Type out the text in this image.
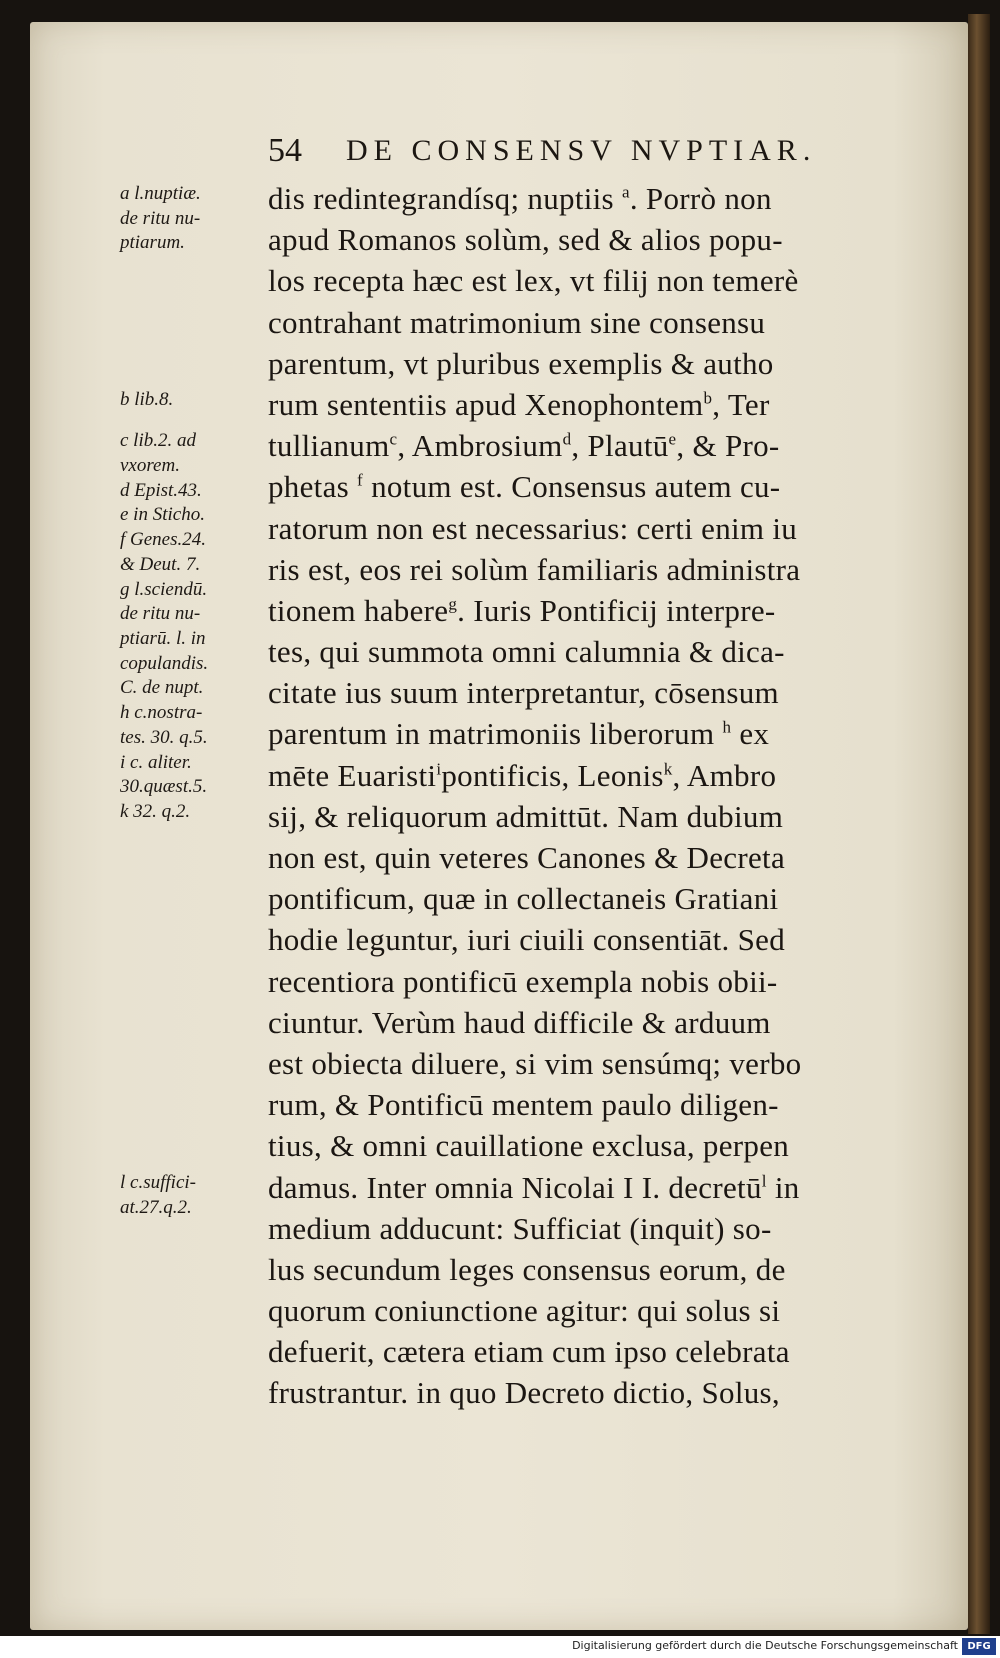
54 DE CONSENSV NVPTIAR.
dis redintegrandísq; nuptiis $^a$. Porrò non
apud Romanos solùm, sed & alios popu-
los recepta hæc est lex, vt filij non temerè
contrahant matrimonium sine consensu
parentum, vt pluribus exemplis & autho
rum sententiis apud Xenophontem$^b$, Ter
tullianum$^c$, Ambrosium$^d$, Plautū$^e$, & Pro-
phetas $^f$ notum est. Consensus autem cu-
ratorum non est necessarius: certi enim iu
ris est, eos rei solùm familiaris administra
tionem habere$^g$. Iuris Pontificij interpre-
tes, qui summota omni calumnia & dica-
citate ius suum interpretantur, cōsensum
parentum in matrimoniis liberorum $^h$ ex
mēte Euaristi$^i$pontificis, Leonis$^k$, Ambro
sij, & reliquorum admittūt. Nam dubium
non est, quin veteres Canones & Decreta
pontificum, quæ in collectaneis Gratiani
hodie leguntur, iuri ciuili consentiāt. Sed
recentiora pontificū exempla nobis obii-
ciuntur. Verùm haud difficile & arduum
est obiecta diluere, si vim sensúmq; verbo
rum, & Pontificū mentem paulo diligen-
tius, & omni cauillatione exclusa, perpen
damus. Inter omnia Nicolai I I. decretū$^l$ in
medium adducunt: Sufficiat (inquit) so-
lus secundum leges consensus eorum, de
quorum coniunctione agitur: qui solus si
defuerit, cætera etiam cum ipso celebrata
frustrantur. in quo Decreto dictio, Solus,
a l.nuptiæ.
de ritu nu-
ptiarum.
b lib.8.
c lib.2. ad
vxorem.
d Epist.43.
e in Sticho.
f Genes.24.
& Deut. 7.
g l.sciendū.
de ritu nu-
ptiarū. l. in
copulandis.
C. de nupt.
h c.nostra-
tes. 30. q.5.
i c. aliter.
30.quæst.5.
k 32. q.2.
l c.suffici-
at.27.q.2.
Digitalisierung gefördert durch die Deutsche Forschungsgemeinschaft DFG
